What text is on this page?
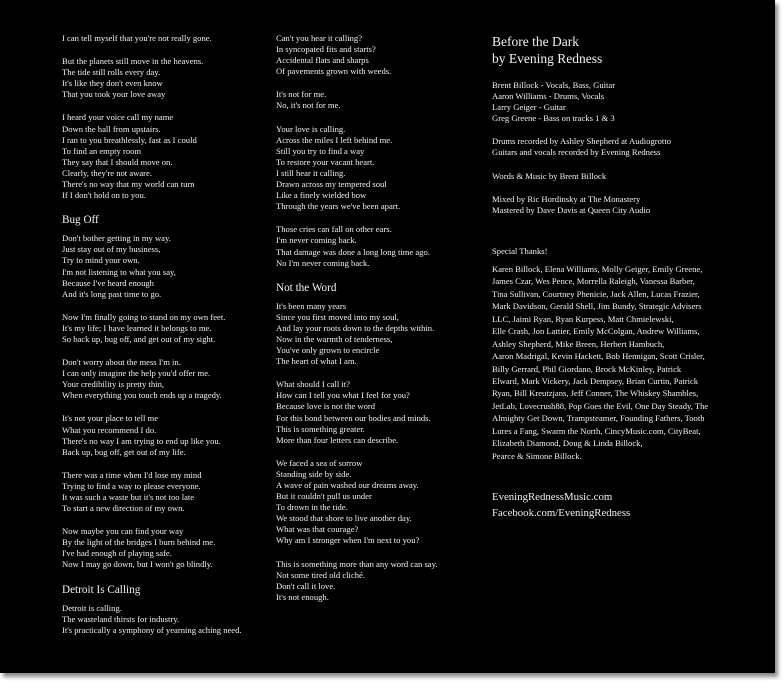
I can tell myself that you're not really gone.
But the planets still move in the heavens.
The tide still rolls every day.
It's like they don't even know
That you took your love away
I heard your voice call my name
Down the hall from upstairs.
I ran to you breathlessly, fast as I could
To find an empty room
They say that I should move on.
Clearly, they're not aware.
There's no way that my world can turn
If I don't hold on to you.
Bug Off
Don't bother getting in my way.
Just stay out of my business,
Try to mind your own.
I'm not listening to what you say,
Because I've heard enough
And it's long past time to go.
Now I'm finally going to stand on my own feet.
It's my life; I have learned it belongs to me.
So back up, bug off, and get out of my sight.
Don't worry about the mess I'm in.
I can only imagine the help you'd offer me.
Your credibility is pretty thin,
When everything you touch ends up a tragedy.
It's not your place to tell me
What you recommend I do.
There's no way I am trying to end up like you.
Back up, bug off, get out of my life.
There was a time when I'd lose my mind
Trying to find a way to please everyone.
It was such a waste but it's not too late
To start a new direction of my own.
Now maybe you can find your way
By the light of the bridges I burn behind me.
I've had enough of playing safe.
Now I may go down, but I won't go blindly.
Detroit Is Calling
Detroit is calling.
The wasteland thirsts for industry.
It's practically a symphony of yearning aching need.
Can't you hear it calling?
In syncopated fits and starts?
Accidental flats and sharps
Of pavements grown with weeds.
It's not for me.
No, it's not for me.
Your love is calling.
Across the miles I left behind me.
Still you try to find a way
To restore your vacant heart.
I still hear it calling.
Drawn across my tempered soul
Like a finely wielded bow
Through the years we've been apart.
Those cries can fall on other ears.
I'm never coming back.
That damage was done a long long time ago.
No I'm never coming back.
Not the Word
It's been many years
Since you first moved into my soul,
And lay your roots down to the depths within.
Now in the warmth of tenderness,
You've only grown to encircle
The heart of what I am.
What should I call it?
How can I tell you what I feel for you?
Because love is not the word
For this bond between our bodies and minds.
This is something greater.
More than four letters can describe.
We faced a sea of sorrow
Standing side by side.
A wave of pain washed our dreams away.
But it couldn't pull us under
To drown in the tide.
We stood that shore to live another day.
What was that courage?
Why am I stronger when I'm next to you?
This is something more than any word can say.
Not some tired old cliché.
Don't call it love.
It's not enough.
Before the Dark
by Evening Redness
Brent Billock - Vocals, Bass, Guitar
Aaron Williams - Drums, Vocals
Larry Geiger - Guitar
Greg Greene - Bass on tracks 1 & 3
Drums recorded by Ashley Shepherd at Audiogrotto
Guitars and vocals recorded by Evening Redness
Words & Music by Brent Billock
Mixed by Ric Hordinsky at The Monastery
Mastered by Dave Davis at Queen City Audio
Special Thanks!
Karen Billock, Elena Williams, Molly Geiger, Emily Greene,
James Czar, Wes Pence, Morrella Raleigh, Vanessa Barber,
Tina Sullivan, Courtney Phenicie, Jack Allen, Lucas Frazier,
Mark Davidson, Gerald Shell, Jim Bundy, Strategic Advisers
LLC, Jaimi Ryan, Ryan Kurpess, Matt Chmielewski,
Elle Crash, Jon Lattier, Emily McColgan, Andrew Williams,
Ashley Shepherd, Mike Breen, Herbert Hambuch,
Aaron Madrigal, Kevin Hackett, Bob Hennigan, Scott Crisler,
Billy Gerrard, Phil Giordano, Brock McKinley, Patrick
Elward, Mark Vickery, Jack Dempsey, Brian Curtin, Patrick
Ryan, Bill Kreutzjans, Jeff Conner, The Whiskey Shambles,
JetLab, Lovecrush88, Pop Goes the Evil, One Day Steady, The
Almighty Get Down, Trampsteamer, Founding Fathers, Tooth
Lures a Fang, Swarm the North, CincyMusic.com, CityBeat,
Elizabeth Diamond, Doug & Linda Billock,
Pearce & Simone Billock.
EveningRednessMusic.com
Facebook.com/EveningRedness
